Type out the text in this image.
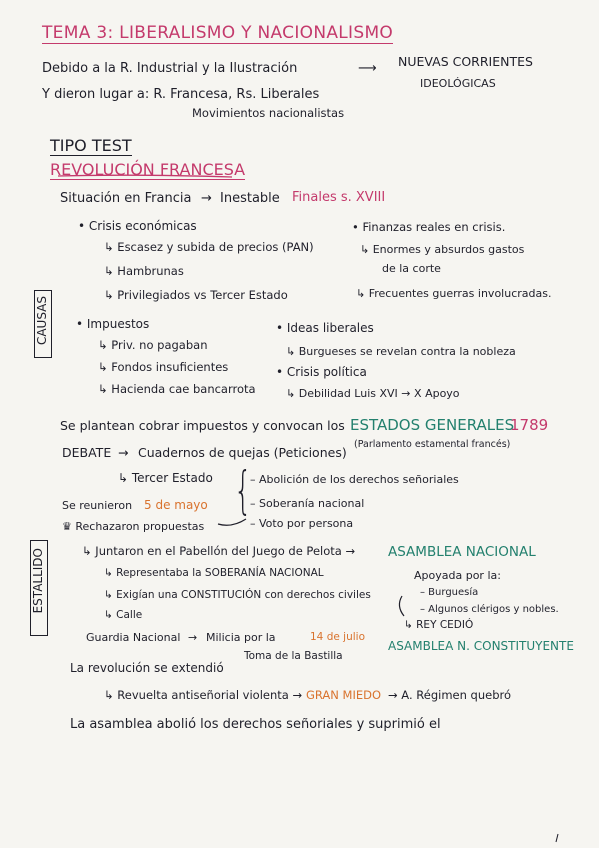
TEMA 3: LIBERALISMO Y NACIONALISMO
Debido a la R. Industrial y la Ilustración	⟶ NUEVAS CORRIENTES
IDEOLÓGICAS
Y dieron lugar a: R. Francesa, Rs. Liberales
Movimientos nacionalistas
TIPO TEST
REVOLUCIÓN FRANCESA
Situación en Francia → Inestable Finales s. XVIII
CAUSAS
• Crisis económicas
↳ Escasez y subida de precios (PAN)
↳ Hambrunas
↳ Privilegiados vs Tercer Estado
• Finanzas reales en crisis.
↳ Enormes y absurdos gastos
de la corte
↳ Frecuentes guerras involucradas.
• Impuestos
↳ Priv. no pagaban
↳ Fondos insuficientes
↳ Hacienda cae bancarrota
• Ideas liberales
↳ Burgueses se revelan contra la nobleza
• Crisis política
↳ Debilidad Luis XVI → X Apoyo
Se plantean cobrar impuestos y convocan los ESTADOS GENERALES
1789
(Parlamento estamental francés)
DEBATE → Cuadernos de quejas (Peticiones)
↳ Tercer Estado {
– Abolición de los derechos señoriales
– Soberanía nacional
– Voto por persona
ESTALLIDO
Se reunieron 5 de mayo
♛ Rechazaron propuestas
↳ Juntaron en el Pabellón del Juego de Pelota → ASAMBLEA NACIONAL
↳ Representaba la SOBERANÍA NACIONAL
↳ Exigían una CONSTITUCIÓN con derechos civiles
↳ Calle
Apoyada por la:
– Burguesía
– Algunos clérigos y nobles.
↳ REY CEDIÓ
Guardia Nacional → Milicia por la	14 de julio
Toma de la Bastilla
ASAMBLEA N. CONSTITUYENTE
La revolución se extendió
↳ Revuelta antiseñorial violenta → GRAN MIEDO → A. Régimen quebró
La asamblea abolió los derechos señoriales y suprimió el
